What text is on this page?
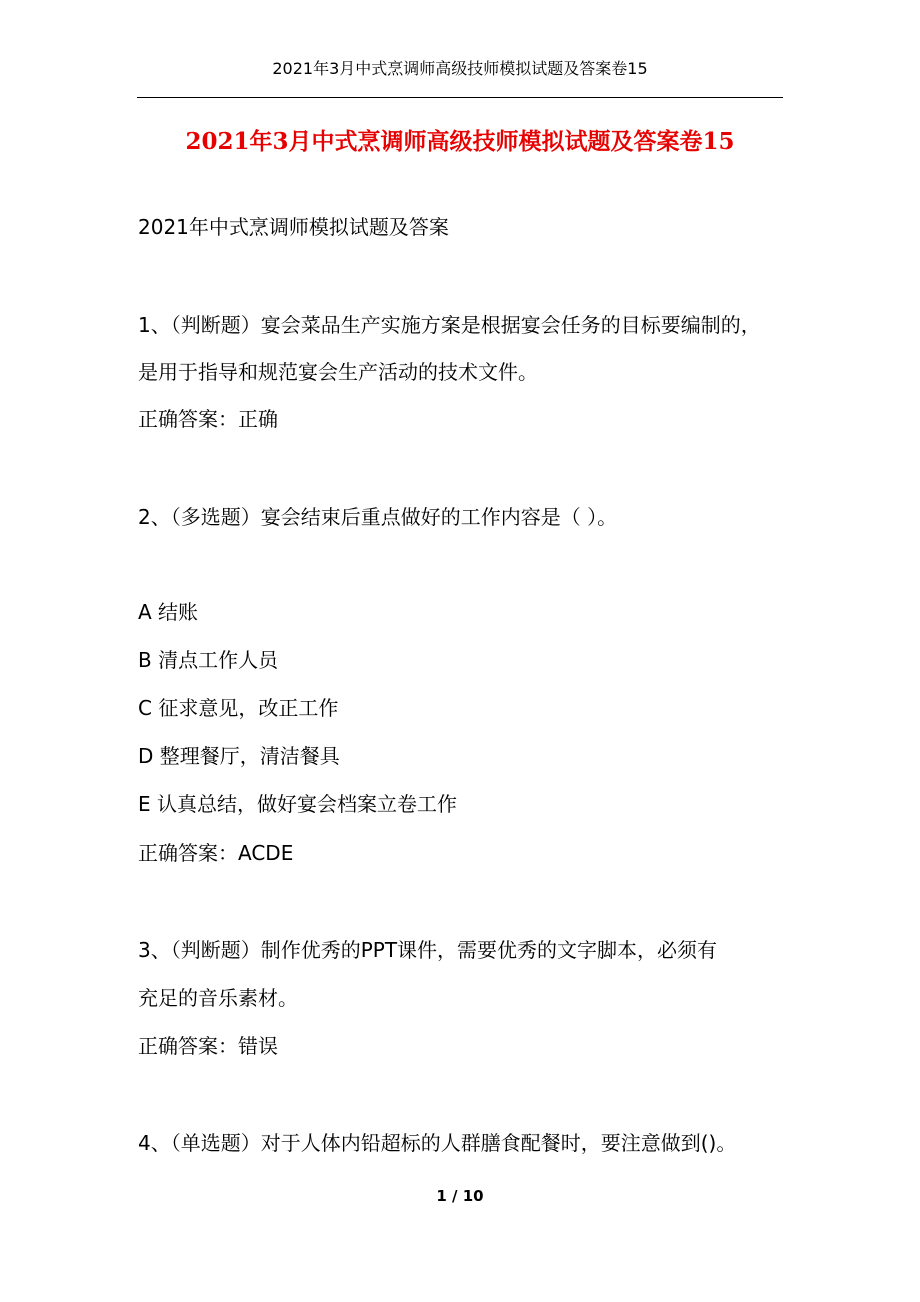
2021年3月中式烹调师高级技师模拟试题及答案卷15
2021年3月中式烹调师高级技师模拟试题及答案卷15
2021年中式烹调师模拟试题及答案
1、（判断题）宴会菜品生产实施方案是根据宴会任务的目标要编制的，
是用于指导和规范宴会生产活动的技术文件。
正确答案：正确
2、（多选题）宴会结束后重点做好的工作内容是（ ）。
A 结账
B 清点工作人员
C 征求意见，改正工作
D 整理餐厅，清洁餐具
E 认真总结，做好宴会档案立卷工作
正确答案：ACDE
3、（判断题）制作优秀的PPT课件，需要优秀的文字脚本，必须有
充足的音乐素材。
正确答案：错误
4、（单选题）对于人体内铅超标的人群膳食配餐时，要注意做到()。
1 / 10
